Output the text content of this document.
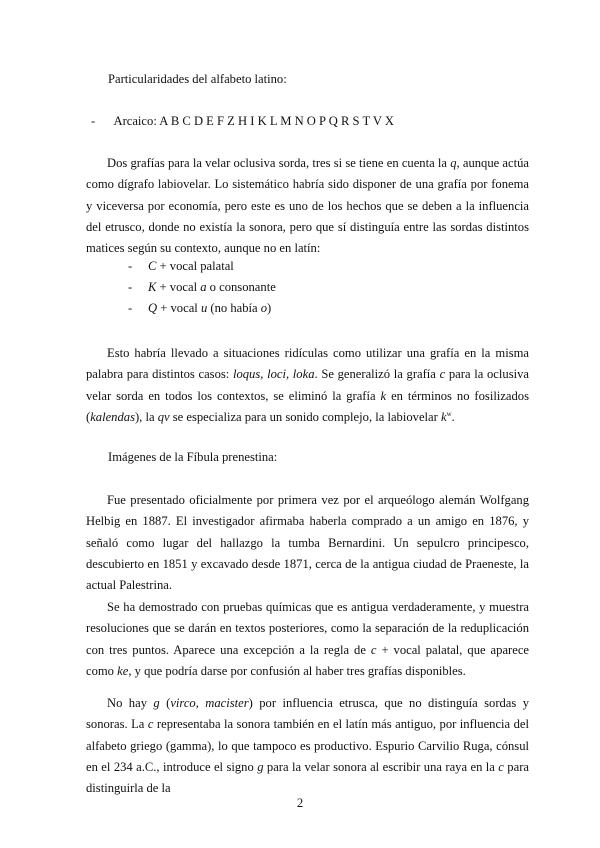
Particularidades del alfabeto latino:
- Arcaico: A B C D E F Z H I K L M N O P Q R S T V X
Dos grafías para la velar oclusiva sorda, tres si se tiene en cuenta la q, aunque actúa como dígrafo labiovelar. Lo sistemático habría sido disponer de una grafía por fonema y viceversa por economía, pero este es uno de los hechos que se deben a la influencia del etrusco, donde no existía la sonora, pero que sí distinguía entre las sordas distintos matices según su contexto, aunque no en latín:
- C + vocal palatal
- K + vocal a o consonante
- Q + vocal u (no había o)
Esto habría llevado a situaciones ridículas como utilizar una grafía en la misma palabra para distintos casos: loqus, loci, loka. Se generalizó la grafía c para la oclusiva velar sorda en todos los contextos, se eliminó la grafía k en términos no fosilizados (kalendas), la qv se especializa para un sonido complejo, la labiovelar $k^w$.
Imágenes de la Fíbula prenestina:
Fue presentado oficialmente por primera vez por el arqueólogo alemán Wolfgang Helbig en 1887. El investigador afirmaba haberla comprado a un amigo en 1876, y señaló como lugar del hallazgo la tumba Bernardini. Un sepulcro principesco, descubierto en 1851 y excavado desde 1871, cerca de la antigua ciudad de Praeneste, la actual Palestrina.
Se ha demostrado con pruebas químicas que es antigua verdaderamente, y muestra resoluciones que se darán en textos posteriores, como la separación de la reduplicación con tres puntos. Aparece una excepción a la regla de c + vocal palatal, que aparece como ke, y que podría darse por confusión al haber tres grafías disponibles.
No hay g (virco, macister) por influencia etrusca, que no distinguía sordas y sonoras. La c representaba la sonora también en el latín más antiguo, por influencia del alfabeto griego (gamma), lo que tampoco es productivo. Espurio Carvilio Ruga, cónsul en el 234 a.C., introduce el signo g para la velar sonora al escribir una raya en la c para distinguirla de la
2
